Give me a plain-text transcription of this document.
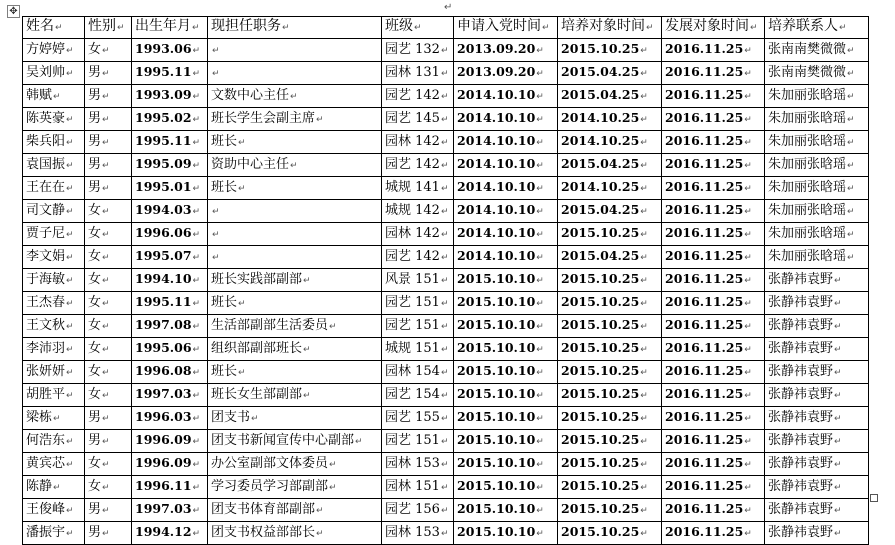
✥	↵
姓名↵	性别↵	出生年月↵	现担任职务↵	班级↵	申请入党时间↵	培养对象时间↵	发展对象时间↵	培养联系人↵
方婷婷↵	女↵	1993.06↵	↵	园艺 132↵	2013.09.20↵	2015.10.25↵	2016.11.25↵	张南南樊微微↵
吴刘帅↵	男↵	1995.11↵	↵	园林 131↵	2013.09.20↵	2015.04.25↵	2016.11.25↵	张南南樊微微↵
韩赋↵	男↵	1993.09↵	文数中心主任↵	园艺 142↵	2014.10.10↵	2015.04.25↵	2016.11.25↵	朱加丽张晗瑶↵
陈英豪↵	男↵	1995.02↵	班长学生会副主席↵	园艺 145↵	2014.10.10↵	2014.10.25↵	2016.11.25↵	朱加丽张晗瑶↵
柴兵阳↵	男↵	1995.11↵	班长↵	园林 142↵	2014.10.10↵	2014.10.25↵	2016.11.25↵	朱加丽张晗瑶↵
袁国振↵	男↵	1995.09↵	资助中心主任↵	园艺 142↵	2014.10.10↵	2015.04.25↵	2016.11.25↵	朱加丽张晗瑶↵
王在在↵	男↵	1995.01↵	班长↵	城规 141↵	2014.10.10↵	2014.10.25↵	2016.11.25↵	朱加丽张晗瑶↵
司文静↵	女↵	1994.03↵	↵	城规 142↵	2014.10.10↵	2015.04.25↵	2016.11.25↵	朱加丽张晗瑶↵
贾子尼↵	女↵	1996.06↵	↵	园林 142↵	2014.10.10↵	2015.10.25↵	2016.11.25↵	朱加丽张晗瑶↵
李文娟↵	女↵	1995.07↵	↵	园艺 142↵	2014.10.10↵	2015.04.25↵	2016.11.25↵	朱加丽张晗瑶↵
于海敏↵	女↵	1994.10↵	班长实践部副部↵	风景 151↵	2015.10.10↵	2015.10.25↵	2016.11.25↵	张静祎袁野↵
王杰春↵	女↵	1995.11↵	班长↵	园艺 151↵	2015.10.10↵	2015.10.25↵	2016.11.25↵	张静祎袁野↵
王文秋↵	女↵	1997.08↵	生活部副部生活委员↵	园艺 151↵	2015.10.10↵	2015.10.25↵	2016.11.25↵	张静祎袁野↵
李沛羽↵	女↵	1995.06↵	组织部副部班长↵	城规 151↵	2015.10.10↵	2015.10.25↵	2016.11.25↵	张静祎袁野↵
张妍妍↵	女↵	1996.08↵	班长↵	园林 154↵	2015.10.10↵	2015.10.25↵	2016.11.25↵	张静祎袁野↵
胡胜平↵	女↵	1997.03↵	班长女生部副部↵	园艺 154↵	2015.10.10↵	2015.10.25↵	2016.11.25↵	张静祎袁野↵
梁栋↵	男↵	1996.03↵	团支书↵	园艺 155↵	2015.10.10↵	2015.10.25↵	2016.11.25↵	张静祎袁野↵
何浩东↵	男↵	1996.09↵	团支书新闻宣传中心副部↵	园艺 151↵	2015.10.10↵	2015.10.25↵	2016.11.25↵	张静祎袁野↵
黄宾芯↵	女↵	1996.09↵	办公室副部文体委员↵	园林 153↵	2015.10.10↵	2015.10.25↵	2016.11.25↵	张静祎袁野↵
陈静↵	女↵	1996.11↵	学习委员学习部副部↵	园林 151↵	2015.10.10↵	2015.10.25↵	2016.11.25↵	张静祎袁野↵
王俊峰↵	男↵	1997.03↵	团支书体育部副部↵	园艺 156↵	2015.10.10↵	2015.10.25↵	2016.11.25↵	张静祎袁野↵
潘振宇↵	男↵	1994.12↵	团支书权益部部长↵	园林 153↵	2015.10.10↵	2015.10.25↵	2016.11.25↵	张静祎袁野↵
